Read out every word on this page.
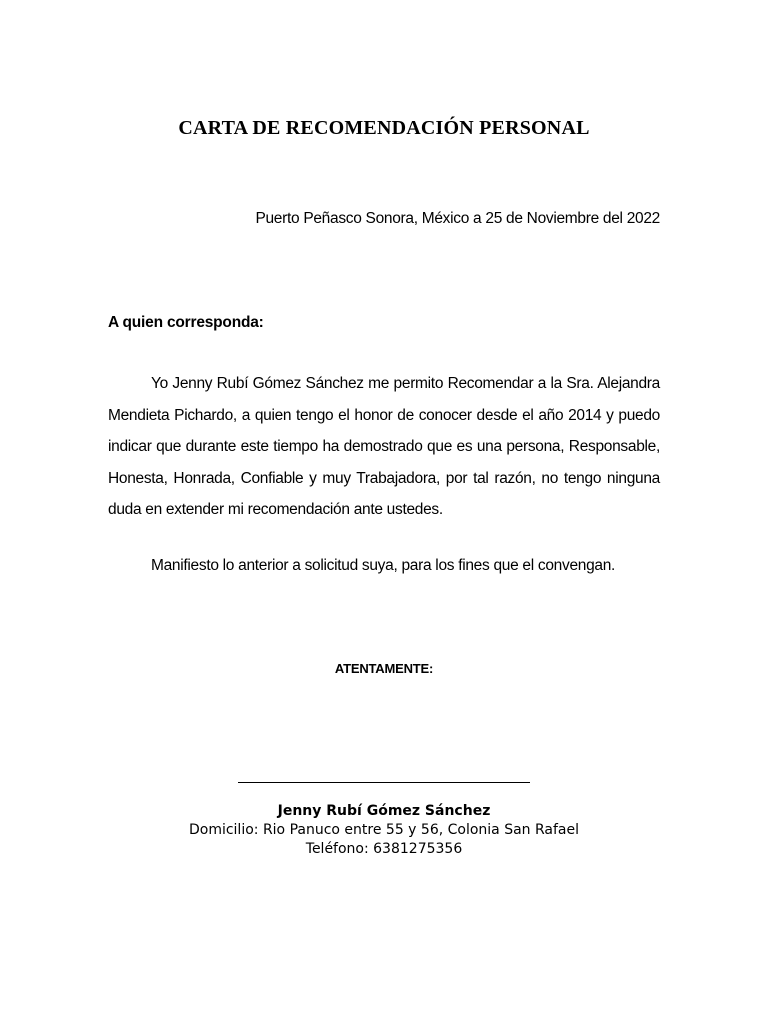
CARTA DE RECOMENDACIÓN PERSONAL
Puerto Peñasco Sonora, México a 25 de Noviembre del 2022
A quien corresponda:

Yo Jenny Rubí Gómez Sánchez me permito Recomendar a la Sra. Alejandra Mendieta Pichardo, a quien tengo el honor de conocer desde el año 2014 y puedo indicar que durante este tiempo ha demostrado que es una persona, Responsable, Honesta, Honrada, Confiable y muy Trabajadora, por tal razón, no tengo ninguna duda en extender mi recomendación ante ustedes.

Manifiesto lo anterior a solicitud suya, para los fines que el convengan.

ATENTAMENTE:
Jenny Rubí Gómez Sánchez
Domicilio: Rio Panuco entre 55 y 56, Colonia San Rafael
Teléfono: 6381275356
